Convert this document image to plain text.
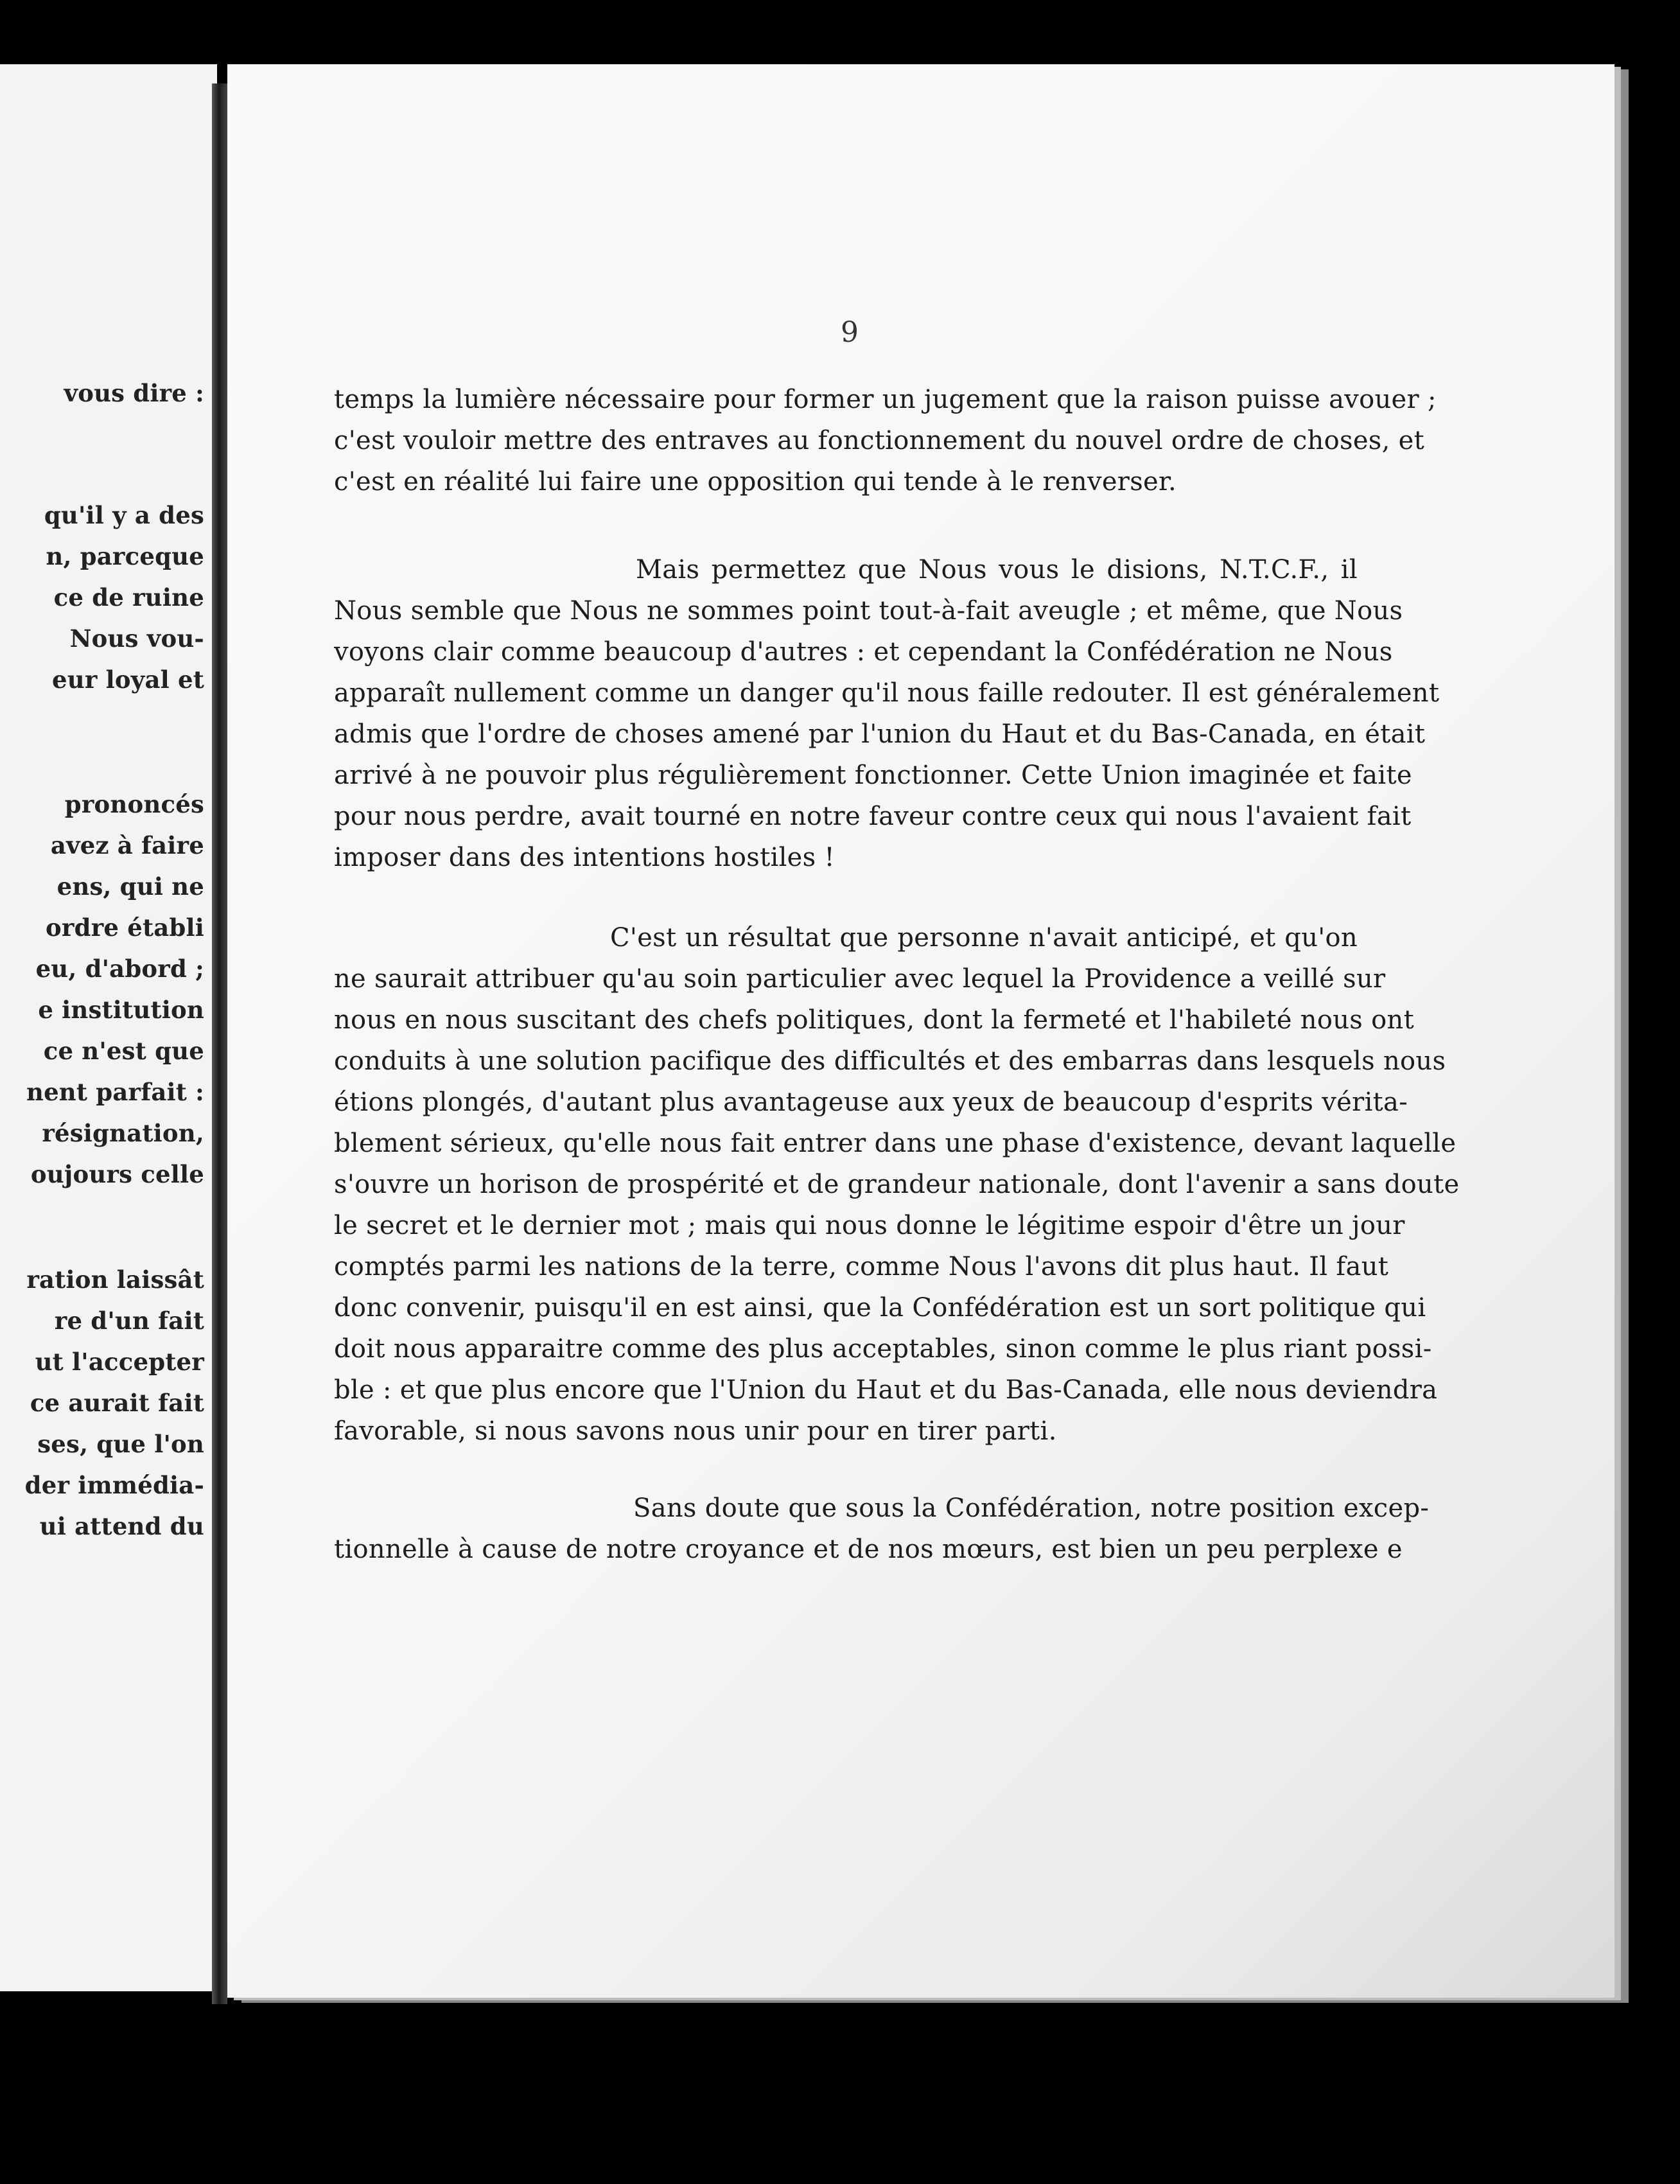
vous dire :
qu'il y a des
n, parceque
ce de ruine
Nous vou-
eur loyal et
prononcés
avez à faire
ens, qui ne
ordre établi
eu, d'abord ;
e institution
ce n'est que
nent parfait :
résignation,
oujours celle
ration laissât
re d'un fait
ut l'accepter
ce aurait fait
ses, que l'on
der immédia-
ui attend du
9
temps la lumière nécessaire pour former un jugement que la raison puisse avouer ;
c'est vouloir mettre des entraves au fonctionnement du nouvel ordre de choses, et
c'est en réalité lui faire une opposition qui tende à le renverser.
Mais permettez que Nous vous le disions, N.T.C.F., il
Nous semble que Nous ne sommes point tout-à-fait aveugle ; et même, que Nous
voyons clair comme beaucoup d'autres : et cependant la Confédération ne Nous
apparaît nullement comme un danger qu'il nous faille redouter. Il est généralement
admis que l'ordre de choses amené par l'union du Haut et du Bas-Canada, en était
arrivé à ne pouvoir plus régulièrement fonctionner. Cette Union imaginée et faite
pour nous perdre, avait tourné en notre faveur contre ceux qui nous l'avaient fait
imposer dans des intentions hostiles !
C'est un résultat que personne n'avait anticipé, et qu'on
ne saurait attribuer qu'au soin particulier avec lequel la Providence a veillé sur
nous en nous suscitant des chefs politiques, dont la fermeté et l'habileté nous ont
conduits à une solution pacifique des difficultés et des embarras dans lesquels nous
étions plongés, d'autant plus avantageuse aux yeux de beaucoup d'esprits vérita-
blement sérieux, qu'elle nous fait entrer dans une phase d'existence, devant laquelle
s'ouvre un horison de prospérité et de grandeur nationale, dont l'avenir a sans doute
le secret et le dernier mot ; mais qui nous donne le légitime espoir d'être un jour
comptés parmi les nations de la terre, comme Nous l'avons dit plus haut. Il faut
donc convenir, puisqu'il en est ainsi, que la Confédération est un sort politique qui
doit nous apparaitre comme des plus acceptables, sinon comme le plus riant possi-
ble : et que plus encore que l'Union du Haut et du Bas-Canada, elle nous deviendra
favorable, si nous savons nous unir pour en tirer parti.
Sans doute que sous la Confédération, notre position excep-
tionnelle à cause de notre croyance et de nos mœurs, est bien un peu perplexe e
